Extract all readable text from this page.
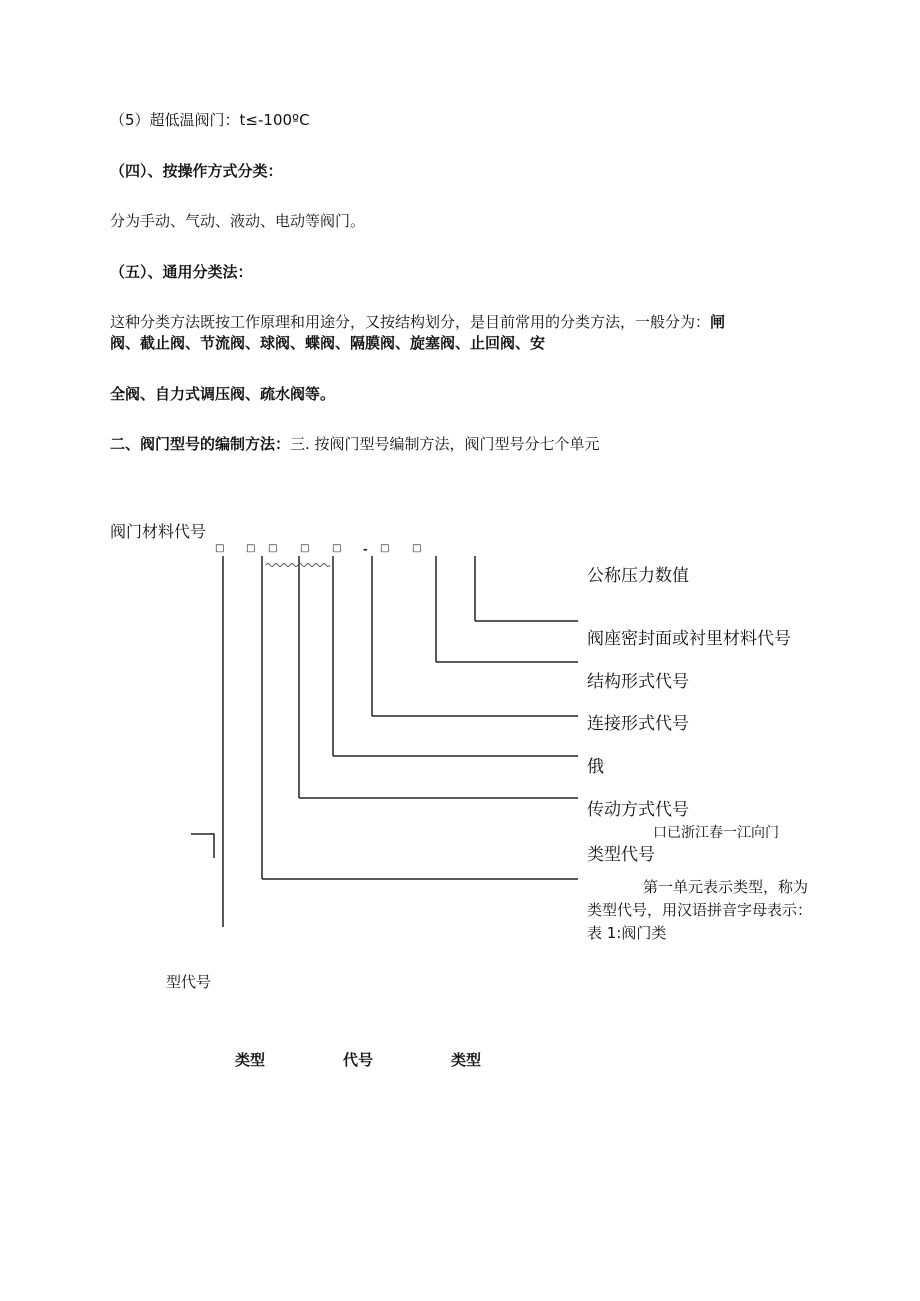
（5）超低温阀门：t≤-100ºC
（四）、按操作方式分类：
分为手动、气动、液动、电动等阀门。
（五）、通用分类法：
这种分类方法既按工作原理和用途分，又按结构划分，是目前常用的分类方法，一般分为：闸
阀、截止阀、节流阀、球阀、蝶阀、隔膜阀、旋塞阀、止回阀、安
全阀、自力式调压阀、疏水阀等。
二、阀门型号的编制方法：三. 按阀门型号编制方法，阀门型号分七个单元
阀门材料代号
□ □ □ □ □ - □ □
公称压力数值
阀座密封面或衬里材料代号
结构形式代号
连接形式代号
俄
传动方式代号
口已浙江春一江向门
类型代号
第一单元表示类型，称为类型代号，用汉语拼音字母表示：表 1:阀门类
型代号
类型	代号	类型
